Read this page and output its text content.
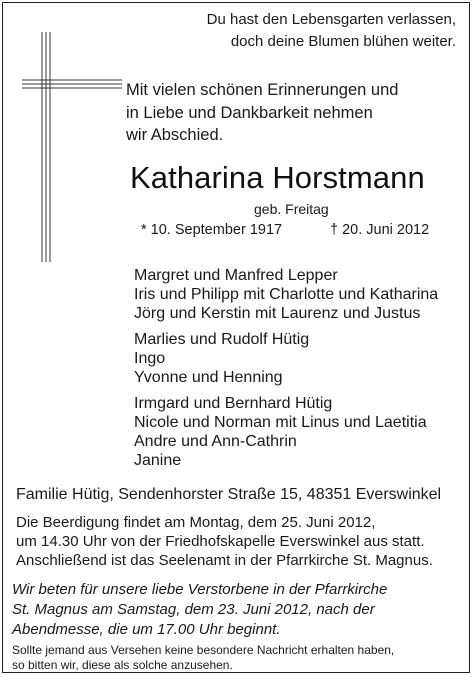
Du hast den Lebensgarten verlassen,
doch deine Blumen blühen weiter.
Mit vielen schönen Erinnerungen und
in Liebe und Dankbarkeit nehmen
wir Abschied.
Katharina Horstmann
geb. Freitag
* 10. September 1917	† 20. Juni 2012
Margret und Manfred Lepper
Iris und Philipp mit Charlotte und Katharina
Jörg und Kerstin mit Laurenz und Justus
Marlies und Rudolf Hütig
Ingo
Yvonne und Henning
Irmgard und Bernhard Hütig
Nicole und Norman mit Linus und Laetitia
Andre und Ann-Cathrin
Janine
Familie Hütig, Sendenhorster Straße 15, 48351 Everswinkel
Die Beerdigung findet am Montag, dem 25. Juni 2012,
um 14.30 Uhr von der Friedhofskapelle Everswinkel aus statt.
Anschließend ist das Seelenamt in der Pfarrkirche St. Magnus.
Wir beten für unsere liebe Verstorbene in der Pfarrkirche
St. Magnus am Samstag, dem 23. Juni 2012, nach der
Abendmesse, die um 17.00 Uhr beginnt.
Sollte jemand aus Versehen keine besondere Nachricht erhalten haben,
so bitten wir, diese als solche anzusehen.
